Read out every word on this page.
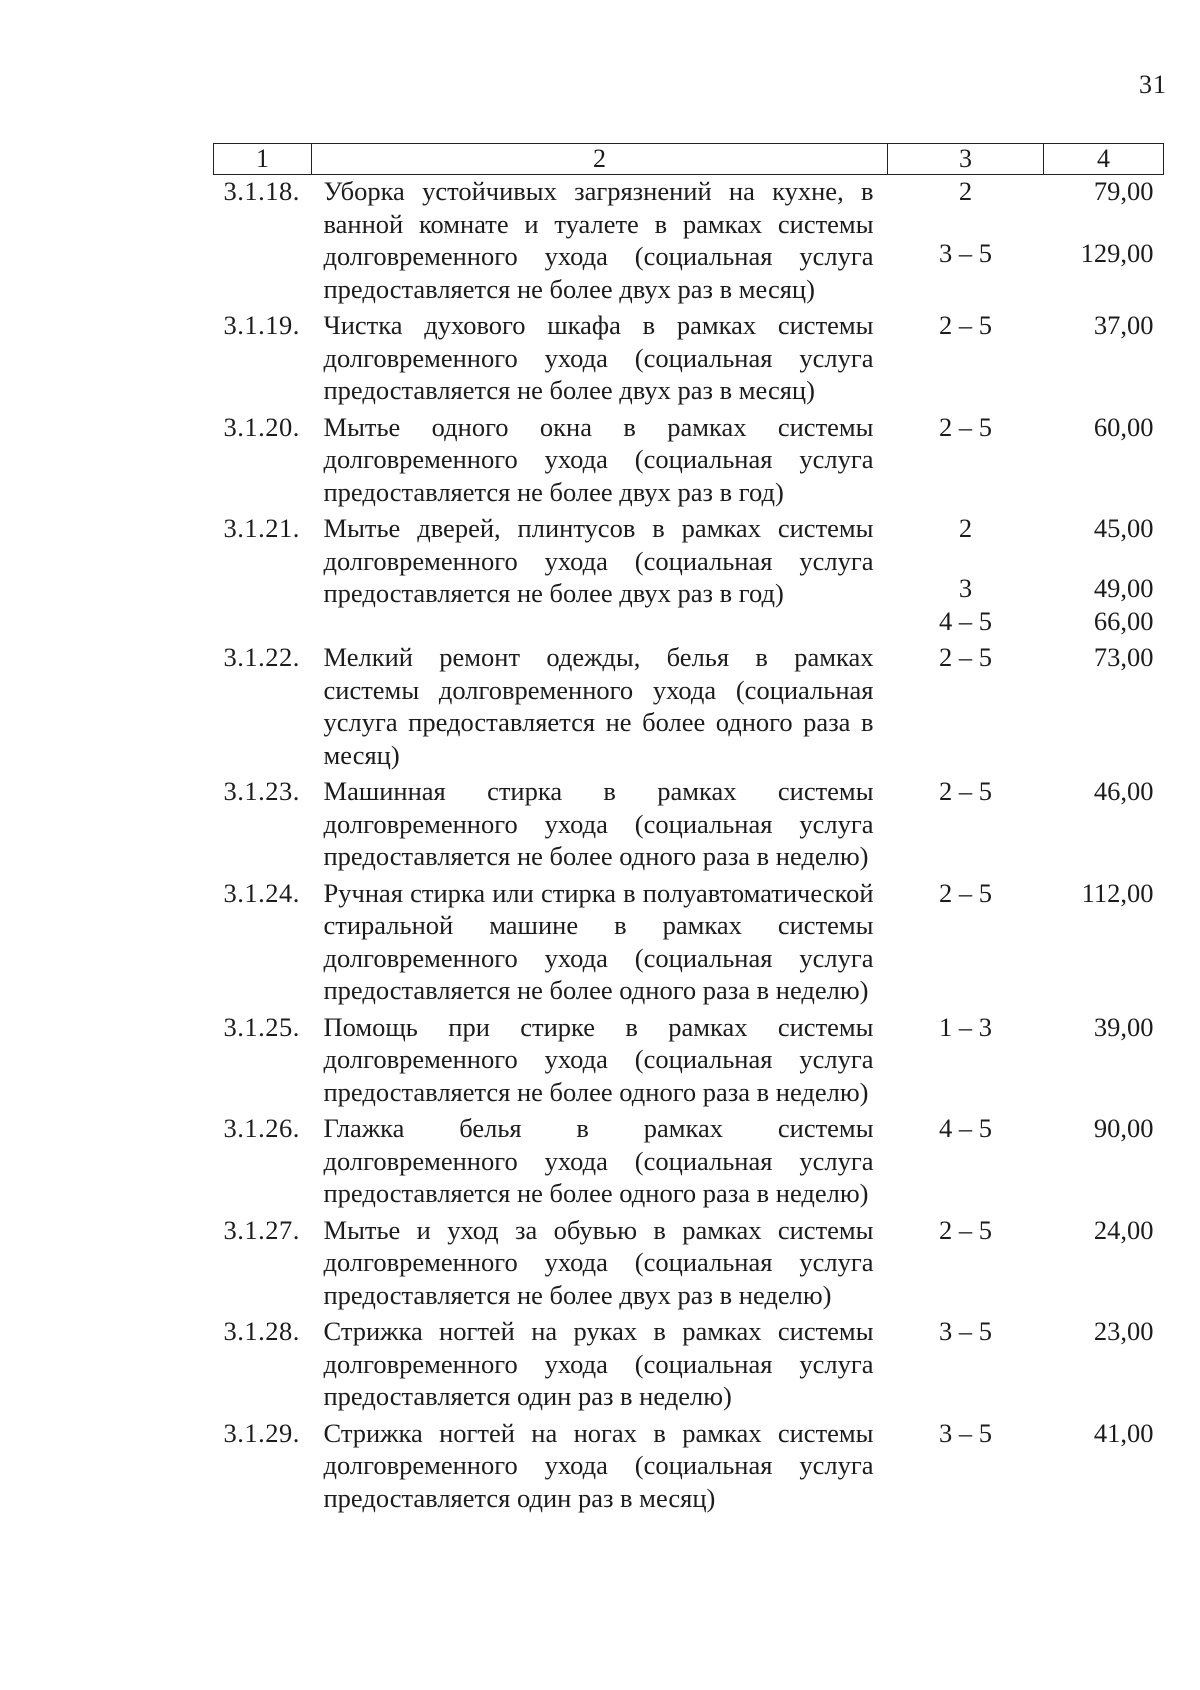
31
1	2	3	4
3.1.18.	Уборка устойчивых загрязнений на кухне, в ванной комнате и туалете в рамках системы долговременного ухода (социальная услуга предоставляется не более двух раз в месяц)	2	79,00
		3 – 5	129,00
3.1.19.	Чистка духового шкафа в рамках системы долговременного ухода (социальная услуга предоставляется не более двух раз в месяц)	2 – 5	37,00
3.1.20.	Мытье одного окна в рамках системы долговременного ухода (социальная услуга предоставляется не более двух раз в год)	2 – 5	60,00
3.1.21.	Мытье дверей, плинтусов в рамках системы долговременного ухода (социальная услуга предоставляется не более двух раз в год)	2	45,00
		3	49,00
		4 – 5	66,00
3.1.22.	Мелкий ремонт одежды, белья в рамках системы долговременного ухода (социальная услуга предоставляется не более одного раза в месяц)	2 – 5	73,00
3.1.23.	Машинная стирка в рамках системы долговременного ухода (социальная услуга предоставляется не более одного раза в неделю)	2 – 5	46,00
3.1.24.	Ручная стирка или стирка в полуавтоматической стиральной машине в рамках системы долговременного ухода (социальная услуга предоставляется не более одного раза в неделю)	2 – 5	112,00
3.1.25.	Помощь при стирке в рамках системы долговременного ухода (социальная услуга предоставляется не более одного раза в неделю)	1 – 3	39,00
3.1.26.	Глажка белья в рамках системы долговременного ухода (социальная услуга предоставляется не более одного раза в неделю)	4 – 5	90,00
3.1.27.	Мытье и уход за обувью в рамках системы долговременного ухода (социальная услуга предоставляется не более двух раз в неделю)	2 – 5	24,00
3.1.28.	Стрижка ногтей на руках в рамках системы долговременного ухода (социальная услуга предоставляется один раз в неделю)	3 – 5	23,00
3.1.29.	Стрижка ногтей на ногах в рамках системы долговременного ухода (социальная услуга предоставляется один раз в месяц)	3 – 5	41,00
